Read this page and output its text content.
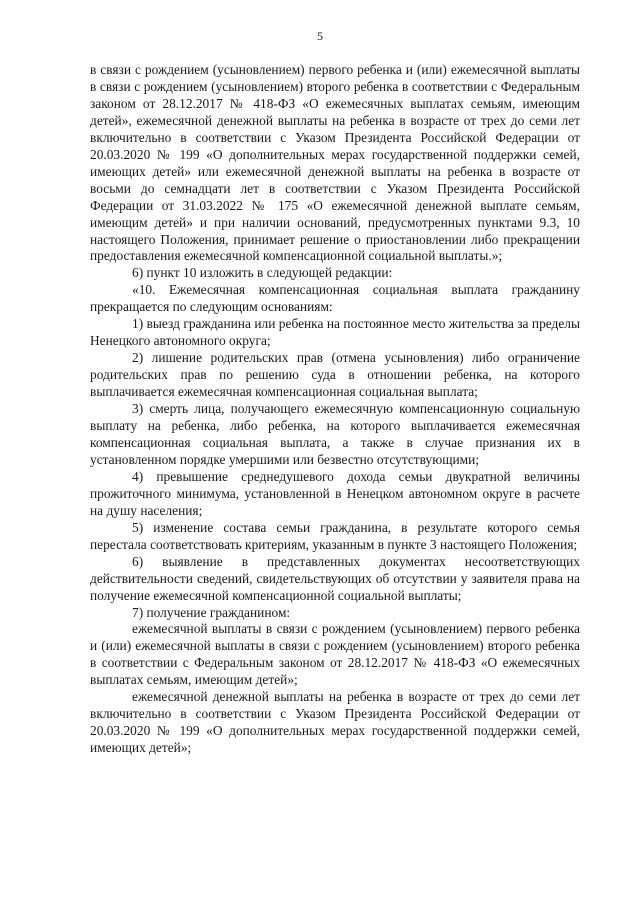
5

в связи с рождением (усыновлением) первого ребенка и (или) ежемесячной выплаты в связи с рождением (усыновлением) второго ребенка в соответствии с Федеральным законом от 28.12.2017 № 418-ФЗ «О ежемесячных выплатах семьям, имеющим детей», ежемесячной денежной выплаты на ребенка в возрасте от трех до семи лет включительно в соответствии с Указом Президента Российской Федерации от 20.03.2020 № 199 «О дополнительных мерах государственной поддержки семей, имеющих детей» или ежемесячной денежной выплаты на ребенка в возрасте от восьми до семнадцати лет в соответствии с Указом Президента Российской Федерации от 31.03.2022 № 175 «О ежемесячной денежной выплате семьям, имеющим детей» и при наличии оснований, предусмотренных пунктами 9.3, 10 настоящего Положения, принимает решение о приостановлении либо прекращении предоставления ежемесячной компенсационной социальной выплаты.»;

6) пункт 10 изложить в следующей редакции:

«10. Ежемесячная компенсационная социальная выплата гражданину прекращается по следующим основаниям:

1) выезд гражданина или ребенка на постоянное место жительства за пределы Ненецкого автономного округа;

2) лишение родительских прав (отмена усыновления) либо ограничение родительских прав по решению суда в отношении ребенка, на которого выплачивается ежемесячная компенсационная социальная выплата;

3) смерть лица, получающего ежемесячную компенсационную социальную выплату на ребенка, либо ребенка, на которого выплачивается ежемесячная компенсационная социальная выплата, а также в случае признания их в установленном порядке умершими или безвестно отсутствующими;

4) превышение среднедушевого дохода семьи двукратной величины прожиточного минимума, установленной в Ненецком автономном округе в расчете на душу населения;

5) изменение состава семьи гражданина, в результате которого семья перестала соответствовать критериям, указанным в пункте 3 настоящего Положения;

6) выявление в представленных документах несоответствующих действительности сведений, свидетельствующих об отсутствии у заявителя права на получение ежемесячной компенсационной социальной выплаты;

7) получение гражданином:

ежемесячной выплаты в связи с рождением (усыновлением) первого ребенка и (или) ежемесячной выплаты в связи с рождением (усыновлением) второго ребенка в соответствии с Федеральным законом от 28.12.2017 № 418-ФЗ «О ежемесячных выплатах семьям, имеющим детей»;

ежемесячной денежной выплаты на ребенка в возрасте от трех до семи лет включительно в соответствии с Указом Президента Российской Федерации от 20.03.2020 № 199 «О дополнительных мерах государственной поддержки семей, имеющих детей»;
